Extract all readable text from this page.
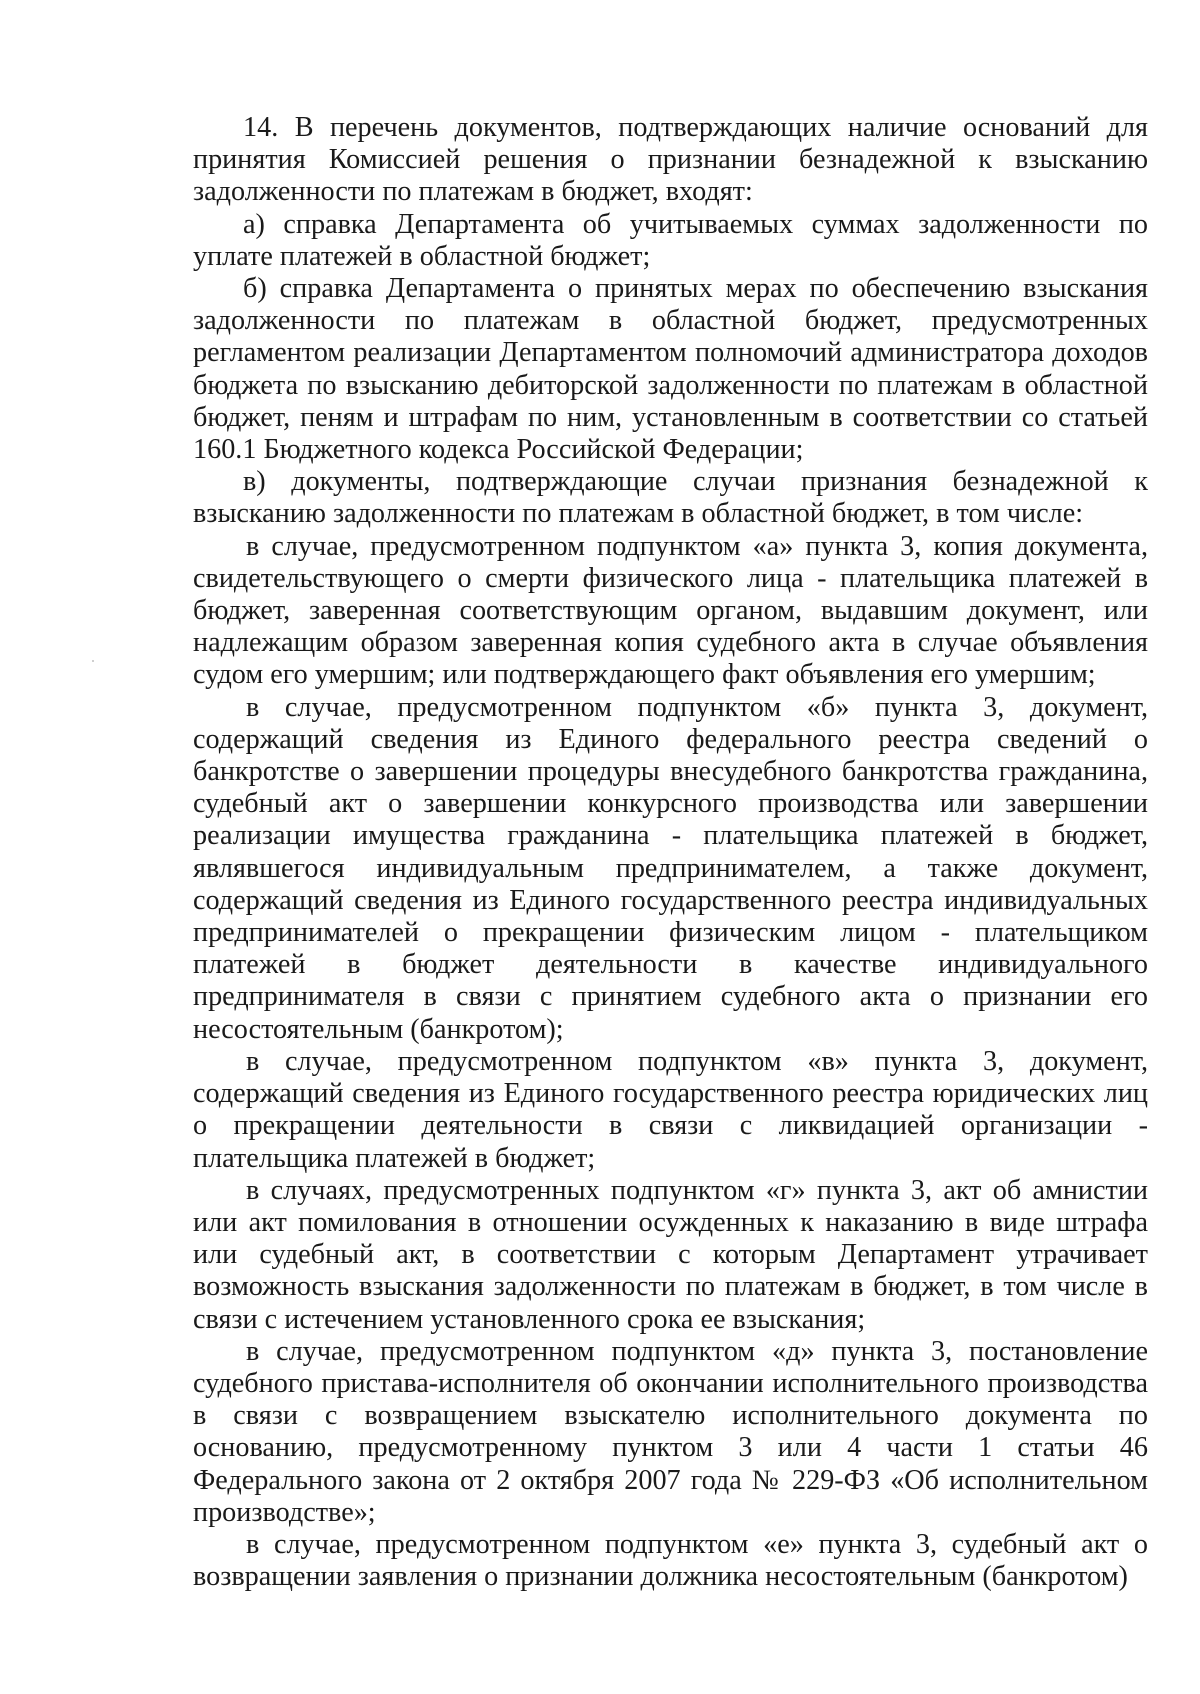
14. В перечень документов, подтверждающих наличие оснований для принятия Комиссией решения о признании безнадежной к взысканию задолженности по платежам в бюджет, входят:

а) справка Департамента об учитываемых суммах задолженности по уплате платежей в областной бюджет;

б) справка Департамента о принятых мерах по обеспечению взыскания задолженности по платежам в областной бюджет, предусмотренных регламентом реализации Департаментом полномочий администратора доходов бюджета по взысканию дебиторской задолженности по платежам в областной бюджет, пеням и штрафам по ним, установленным в соответствии со статьей 160.1 Бюджетного кодекса Российской Федерации;

в) документы, подтверждающие случаи признания безнадежной к взысканию задолженности по платежам в областной бюджет, в том числе:

в случае, предусмотренном подпунктом «а» пункта 3, копия документа, свидетельствующего о смерти физического лица - плательщика платежей в бюджет, заверенная соответствующим органом, выдавшим документ, или надлежащим образом заверенная копия судебного акта в случае объявления судом его умершим; или подтверждающего факт объявления его умершим;

в случае, предусмотренном подпунктом «б» пункта 3, документ, содержащий сведения из Единого федерального реестра сведений о банкротстве о завершении процедуры внесудебного банкротства гражданина, судебный акт о завершении конкурсного производства или завершении реализации имущества гражданина - плательщика платежей в бюджет, являвшегося индивидуальным предпринимателем, а также документ, содержащий сведения из Единого государственного реестра индивидуальных предпринимателей о прекращении физическим лицом - плательщиком платежей в бюджет деятельности в качестве индивидуального предпринимателя в связи с принятием судебного акта о признании его несостоятельным (банкротом);

в случае, предусмотренном подпунктом «в» пункта 3, документ, содержащий сведения из Единого государственного реестра юридических лиц о прекращении деятельности в связи с ликвидацией организации - плательщика платежей в бюджет;

в случаях, предусмотренных подпунктом «г» пункта 3, акт об амнистии или акт помилования в отношении осужденных к наказанию в виде штрафа или судебный акт, в соответствии с которым Департамент утрачивает возможность взыскания задолженности по платежам в бюджет, в том числе в связи с истечением установленного срока ее взыскания;

в случае, предусмотренном подпунктом «д» пункта 3, постановление судебного пристава-исполнителя об окончании исполнительного производства в связи с возвращением взыскателю исполнительного документа по основанию, предусмотренному пунктом 3 или 4 части 1 статьи 46 Федерального закона от 2 октября 2007 года № 229-ФЗ «Об исполнительном производстве»;

в случае, предусмотренном подпунктом «е» пункта 3, судебный акт о возвращении заявления о признании должника несостоятельным (банкротом)
